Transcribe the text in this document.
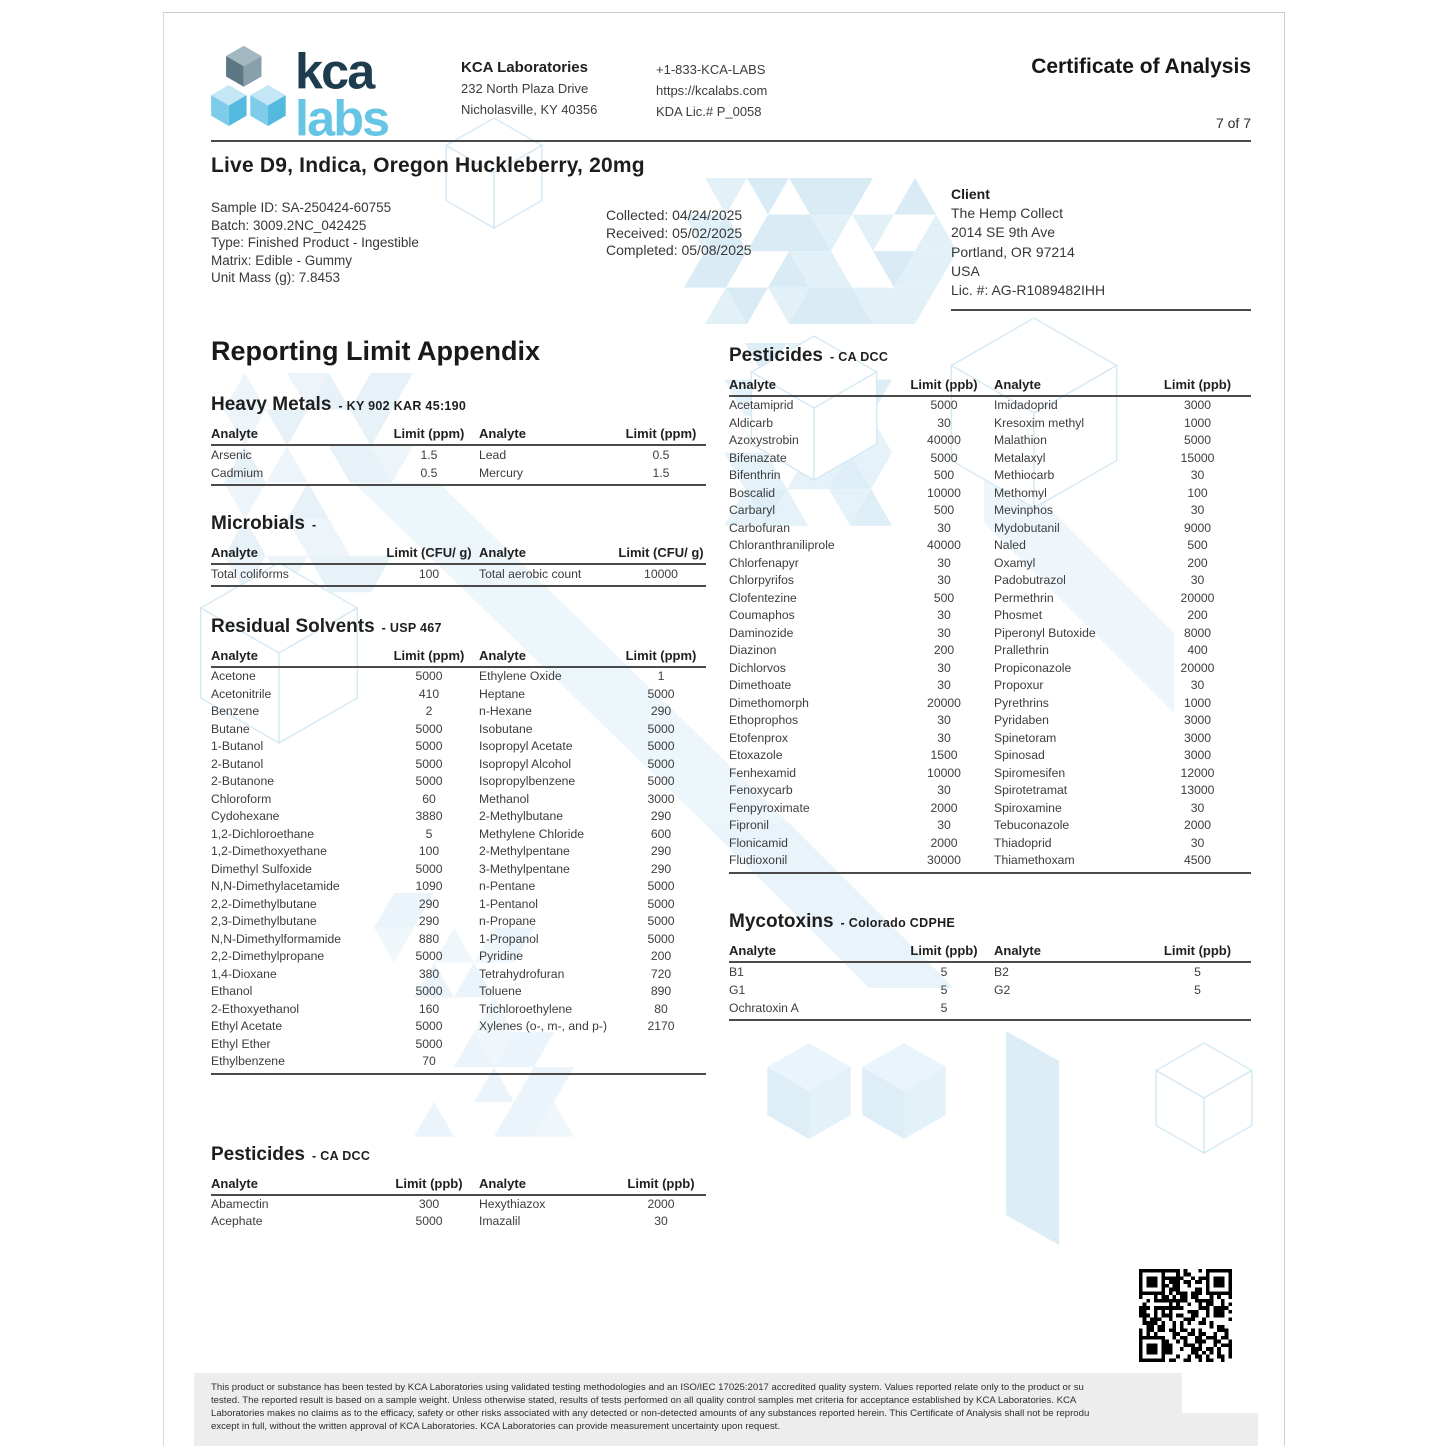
kca
labs
KCA Laboratories
232 North Plaza Drive
Nicholasville, KY 40356
+1-833-KCA-LABS
https://kcalabs.com
KDA Lic.# P_0058
Certificate of Analysis
7 of 7
Live D9, Indica, Oregon Huckleberry, 20mg
Sample ID: SA-250424-60755
Batch: 3009.2NC_042425
Type: Finished Product - Ingestible
Matrix: Edible - Gummy
Unit Mass (g): 7.8453
Collected: 04/24/2025
Received: 05/02/2025
Completed: 05/08/2025
Client
The Hemp Collect
2014 SE 9th Ave
Portland, OR 97214
USA
Lic. #: AG-R1089482IHH
Reporting Limit Appendix
Heavy Metals - KY 902 KAR 45:190
Analyte	Limit (ppm)	Analyte	Limit (ppm)
Arsenic	1.5	Lead	0.5
Cadmium	0.5	Mercury	1.5
Microbials -
Analyte	Limit (CFU/ g)	Analyte	Limit (CFU/ g)
Total coliforms	100	Total aerobic count	10000
Residual Solvents - USP 467
Analyte	Limit (ppm)	Analyte	Limit (ppm)
Acetone	5000	Ethylene Oxide	1
Acetonitrile	410	Heptane	5000
Benzene	2	n-Hexane	290
Butane	5000	Isobutane	5000
1-Butanol	5000	Isopropyl Acetate	5000
2-Butanol	5000	Isopropyl Alcohol	5000
2-Butanone	5000	Isopropylbenzene	5000
Chloroform	60	Methanol	3000
Cydohexane	3880	2-Methylbutane	290
1,2-Dichloroethane	5	Methylene Chloride	600
1,2-Dimethoxyethane	100	2-Methylpentane	290
Dimethyl Sulfoxide	5000	3-Methylpentane	290
N,N-Dimethylacetamide	1090	n-Pentane	5000
2,2-Dimethylbutane	290	1-Pentanol	5000
2,3-Dimethylbutane	290	n-Propane	5000
N,N-Dimethylformamide	880	1-Propanol	5000
2,2-Dimethylpropane	5000	Pyridine	200
1,4-Dioxane	380	Tetrahydrofuran	720
Ethanol	5000	Toluene	890
2-Ethoxyethanol	160	Trichloroethylene	80
Ethyl Acetate	5000	Xylenes (o-, m-, and p-)	2170
Ethyl Ether	5000		
Ethylbenzene	70		
Pesticides - CA DCC
Analyte	Limit (ppb)	Analyte	Limit (ppb)
Abamectin	300	Hexythiazox	2000
Acephate	5000	Imazalil	30
Pesticides - CA DCC
Analyte	Limit (ppb)	Analyte	Limit (ppb)
Acetamiprid	5000	Imidadoprid	3000
Aldicarb	30	Kresoxim methyl	1000
Azoxystrobin	40000	Malathion	5000
Bifenazate	5000	Metalaxyl	15000
Bifenthrin	500	Methiocarb	30
Boscalid	10000	Methomyl	100
Carbaryl	500	Mevinphos	30
Carbofuran	30	Mydobutanil	9000
Chloranthraniliprole	40000	Naled	500
Chlorfenapyr	30	Oxamyl	200
Chlorpyrifos	30	Padobutrazol	30
Clofentezine	500	Permethrin	20000
Coumaphos	30	Phosmet	200
Daminozide	30	Piperonyl Butoxide	8000
Diazinon	200	Prallethrin	400
Dichlorvos	30	Propiconazole	20000
Dimethoate	30	Propoxur	30
Dimethomorph	20000	Pyrethrins	1000
Ethoprophos	30	Pyridaben	3000
Etofenprox	30	Spinetoram	3000
Etoxazole	1500	Spinosad	3000
Fenhexamid	10000	Spiromesifen	12000
Fenoxycarb	30	Spirotetramat	13000
Fenpyroximate	2000	Spiroxamine	30
Fipronil	30	Tebuconazole	2000
Flonicamid	2000	Thiadoprid	30
Fludioxonil	30000	Thiamethoxam	4500
Mycotoxins - Colorado CDPHE
Analyte	Limit (ppb)	Analyte	Limit (ppb)
B1	5	B2	5
G1	5	G2	5
Ochratoxin A	5		
This product or substance has been tested by KCA Laboratories using validated testing methodologies and an ISO/IEC 17025:2017 accredited quality system. Values reported relate only to the product or su
tested. The reported result is based on a sample weight. Unless otherwise stated, results of tests performed on all quality control samples met criteria for acceptance established by KCA Laboratories. KCA
Laboratories makes no claims as to the efficacy, safety or other risks associated with any detected or non-detected amounts of any substances reported herein. This Certificate of Analysis shall not be reprodu
except in full, without the written approval of KCA Laboratories. KCA Laboratories can provide measurement uncertainty upon request.
